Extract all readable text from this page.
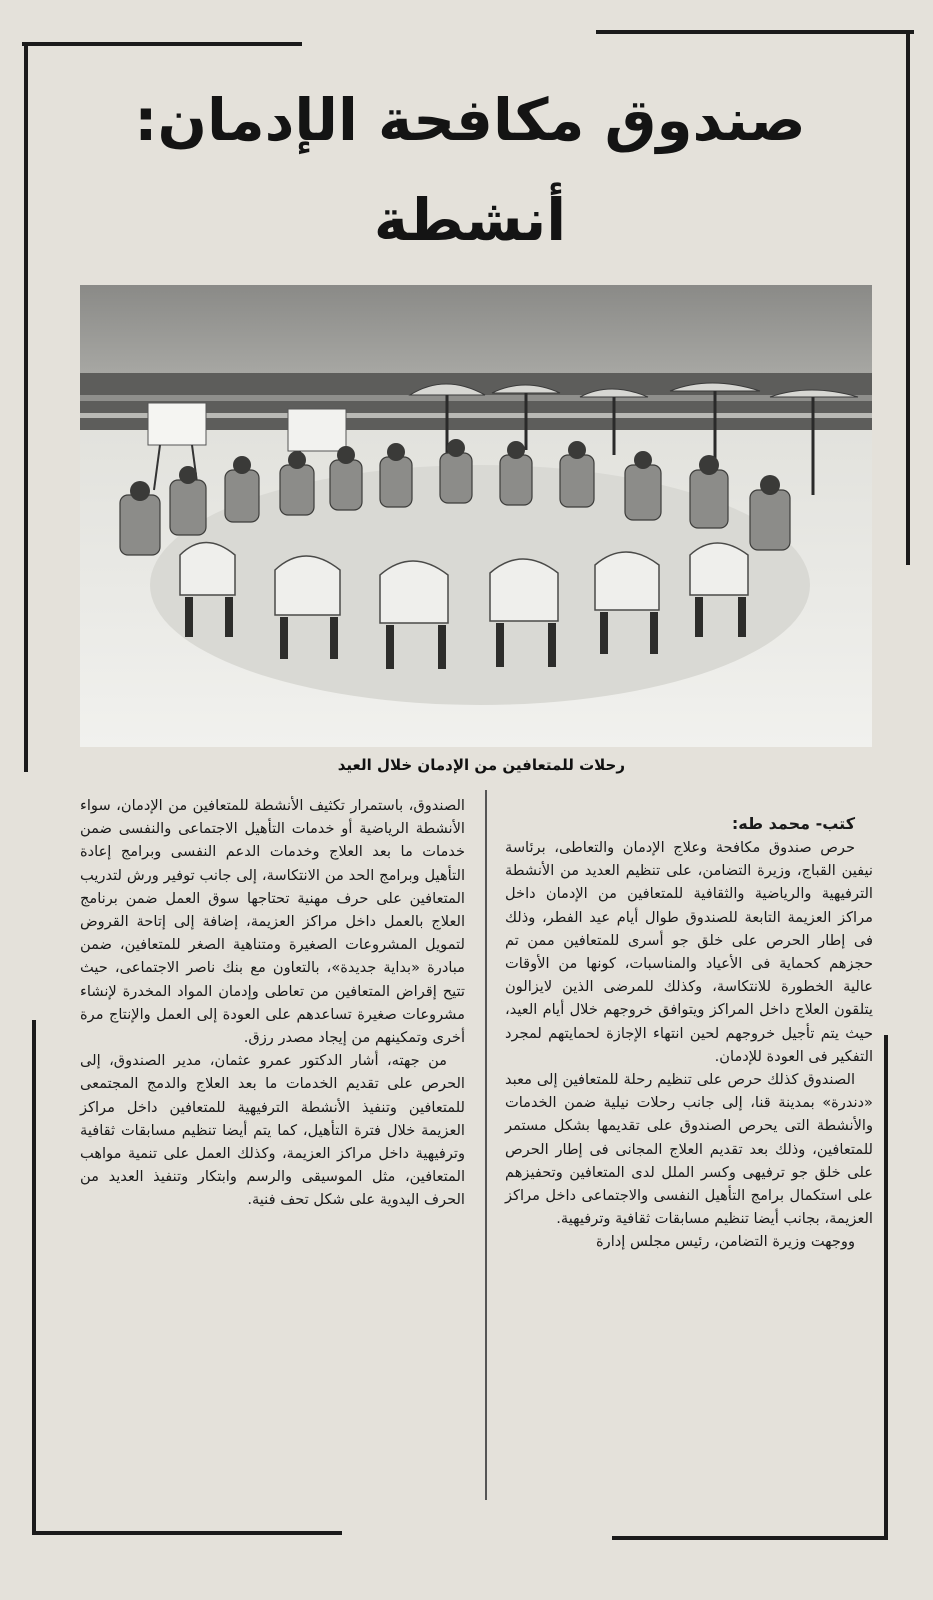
صندوق مكافحة الإدمان: أنشطة
رحلات للمتعافين من الإدمان خلال العيد

كتب- محمد طه:

حرص صندوق مكافحة وعلاج الإدمان والتعاطى، برئاسة نيفين القباج، وزيرة التضامن، على تنظيم العديد من الأنشطة الترفيهية والرياضية والثقافية للمتعافين من الإدمان داخل مراكز العزيمة التابعة للصندوق طوال أيام عيد الفطر، وذلك فى إطار الحرص على خلق جو أسرى للمتعافين ممن تم حجزهم كحماية فى الأعياد والمناسبات، كونها من الأوقات عالية الخطورة للانتكاسة، وكذلك للمرضى الذين لايزالون يتلقون العلاج داخل المراكز ويتوافق خروجهم خلال أيام العيد، حيث يتم تأجيل خروجهم لحين انتهاء الإجازة لحمايتهم لمجرد التفكير فى العودة للإدمان.

الصندوق كذلك حرص على تنظيم رحلة للمتعافين إلى معبد «دندرة» بمدينة قنا، إلى جانب رحلات نيلية ضمن الخدمات والأنشطة التى يحرص الصندوق على تقديمها بشكل مستمر للمتعافين، وذلك بعد تقديم العلاج المجانى فى إطار الحرص على خلق جو ترفيهى وكسر الملل لدى المتعافين وتحفيزهم على استكمال برامج التأهيل النفسى والاجتماعى داخل مراكز العزيمة، بجانب أيضا تنظيم مسابقات ثقافية وترفيهية.

ووجهت وزيرة التضامن، رئيس مجلس إدارة

الصندوق، باستمرار تكثيف الأنشطة للمتعافين من الإدمان، سواء الأنشطة الرياضية أو خدمات التأهيل الاجتماعى والنفسى ضمن خدمات ما بعد العلاج وخدمات الدعم النفسى وبرامج إعادة التأهيل وبرامج الحد من الانتكاسة، إلى جانب توفير ورش لتدريب المتعافين على حرف مهنية تحتاجها سوق العمل ضمن برنامج العلاج بالعمل داخل مراكز العزيمة، إضافة إلى إتاحة القروض لتمويل المشروعات الصغيرة ومتناهية الصغر للمتعافين، ضمن مبادرة «بداية جديدة»، بالتعاون مع بنك ناصر الاجتماعى، حيث تتيح إقراض المتعافين من تعاطى وإدمان المواد المخدرة لإنشاء مشروعات صغيرة تساعدهم على العودة إلى العمل والإنتاج مرة أخرى وتمكينهم من إيجاد مصدر رزق.

من جهته، أشار الدكتور عمرو عثمان، مدير الصندوق، إلى الحرص على تقديم الخدمات ما بعد العلاج والدمج المجتمعى للمتعافين وتنفيذ الأنشطة الترفيهية للمتعافين داخل مراكز العزيمة خلال فترة التأهيل، كما يتم أيضا تنظيم مسابقات ثقافية وترفيهية داخل مراكز العزيمة، وكذلك العمل على تنمية مواهب المتعافين، مثل الموسيقى والرسم وابتكار وتنفيذ العديد من الحرف اليدوية على شكل تحف فنية.
